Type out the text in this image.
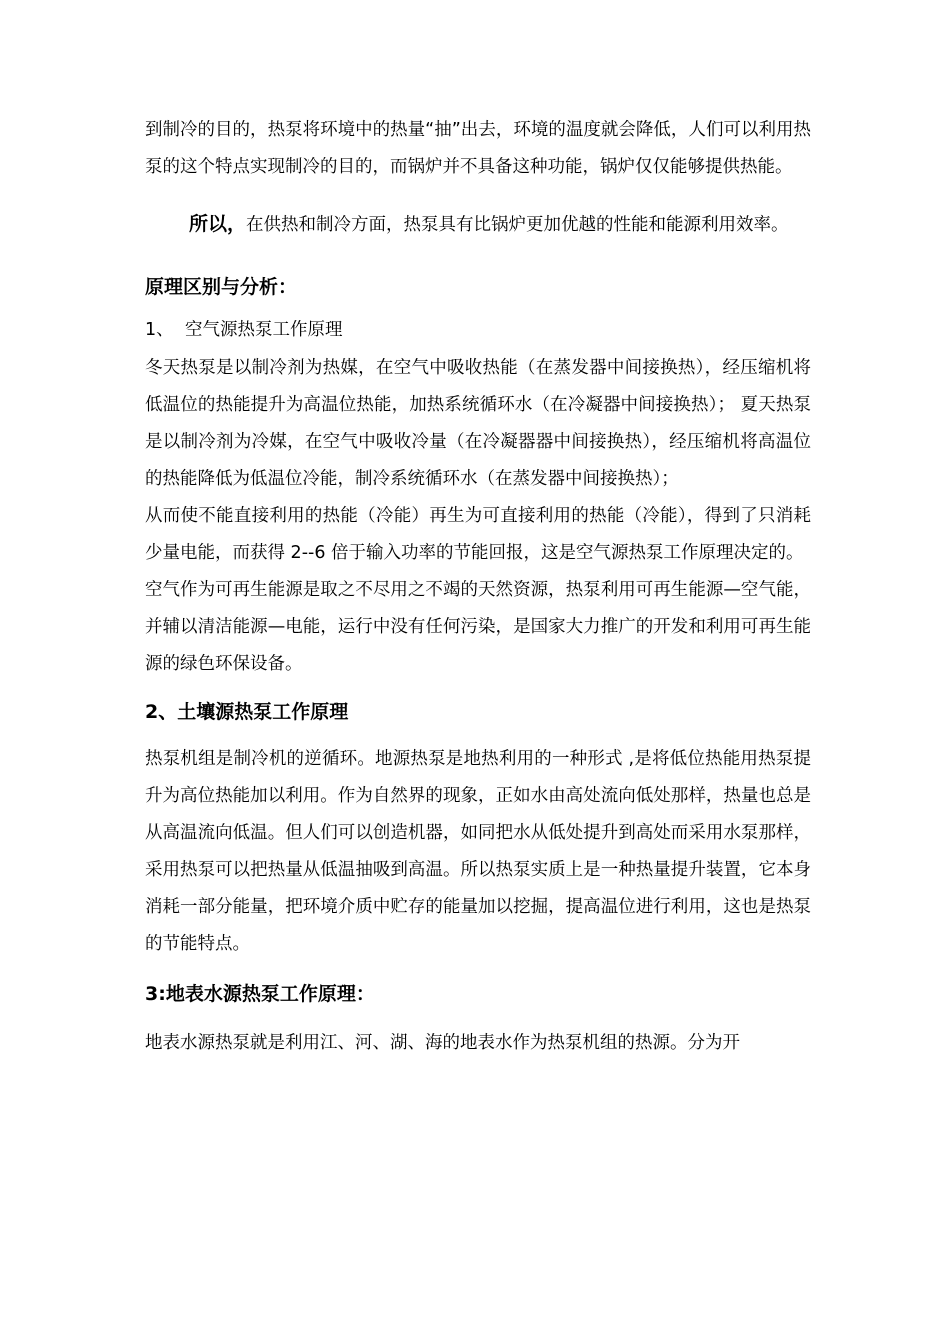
到制冷的目的，热泵将环境中的热量“抽”出去，环境的温度就会降低，人们可以利用热泵的这个特点实现制冷的目的，而锅炉并不具备这种功能，锅炉仅仅能够提供热能。

所以，在供热和制冷方面，热泵具有比锅炉更加优越的性能和能源利用效率。

原理区别与分析：
1、 空气源热泵工作原理

冬天热泵是以制冷剂为热媒，在空气中吸收热能（在蒸发器中间接换热），经压缩机将低温位的热能提升为高温位热能，加热系统循环水（在冷凝器中间接换热）； 夏天热泵是以制冷剂为冷媒，在空气中吸收冷量（在冷凝器器中间接换热），经压缩机将高温位的热能降低为低温位冷能，制冷系统循环水（在蒸发器中间接换热）；

从而使不能直接利用的热能（冷能）再生为可直接利用的热能（冷能），得到了只消耗少量电能，而获得 2--6 倍于输入功率的节能回报，这是空气源热泵工作原理决定的。

空气作为可再生能源是取之不尽用之不竭的天然资源，热泵利用可再生能源—空气能，并辅以清洁能源—电能，运行中没有任何污染，是国家大力推广的开发和利用可再生能源的绿色环保设备。

2、土壤源热泵工作原理

热泵机组是制冷机的逆循环。地源热泵是地热利用的一种形式 ,是将低位热能用热泵提升为高位热能加以利用。作为自然界的现象，正如水由高处流向低处那样，热量也总是从高温流向低温。但人们可以创造机器，如同把水从低处提升到高处而采用水泵那样，采用热泵可以把热量从低温抽吸到高温。所以热泵实质上是一种热量提升装置，它本身消耗一部分能量，把环境介质中贮存的能量加以挖掘，提高温位进行利用，这也是热泵的节能特点。

3:地表水源热泵工作原理：

地表水源热泵就是利用江、河、湖、海的地表水作为热泵机组的热源。分为开
